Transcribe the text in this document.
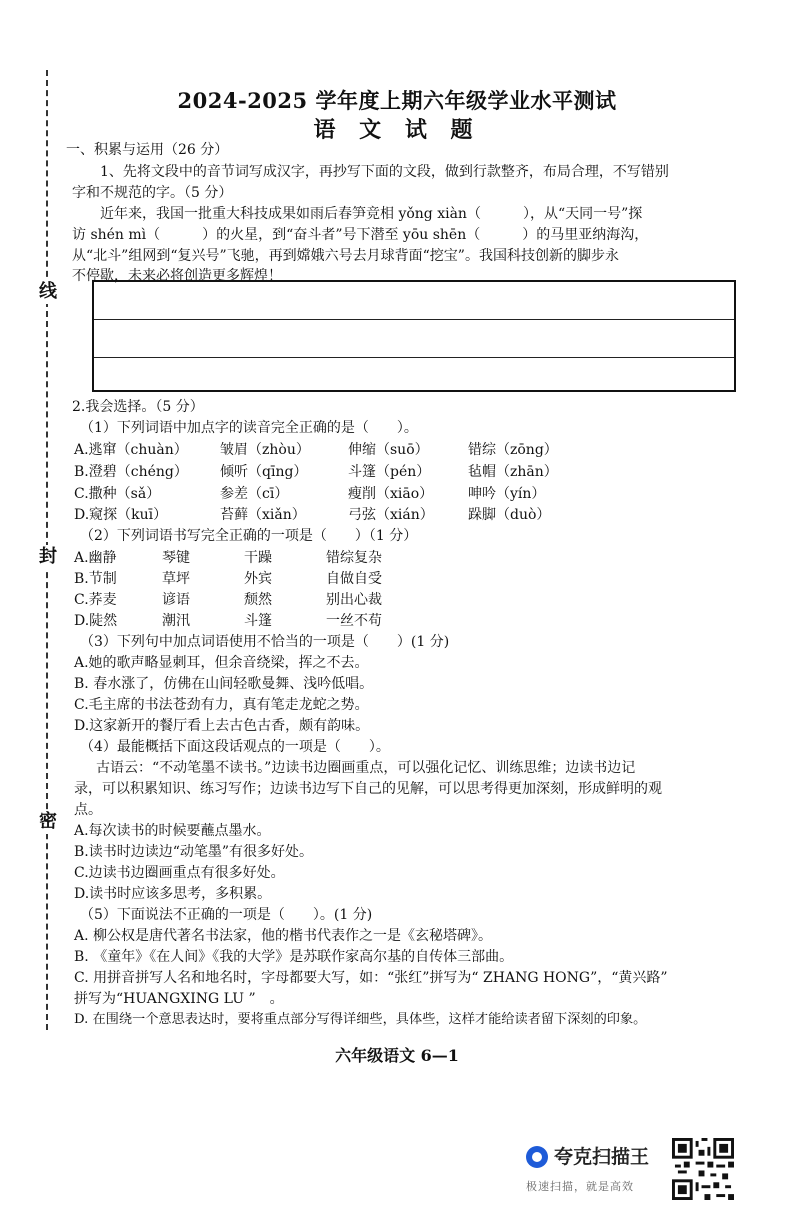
线
封
密
2024-2025 学年度上期六年级学业水平测试
语 文 试 题
一、积累与运用（26 分）
1、先将文段中的音节词写成汉字，再抄写下面的文段，做到行款整齐，布局合理，不写错别
字和不规范的字。（5 分）
近年来，我国一批重大科技成果如雨后春笋竞相 yǒng xiàn（　　　），从“天同一号”探
访 shén mì（　　　）的火星，到“奋斗者”号下潜至 yōu shēn（　　　）的马里亚纳海沟，
从“北斗”组网到“复兴号”飞驰，再到嫦娥六号去月球背面“挖宝”。我国科技创新的脚步永
不停歇，未来必将创造更多辉煌！
2.我会选择。（5 分）
（1）下列词语中加点字的读音完全正确的是（　　）。
A.逃窜（chuàn） 皱眉（zhòu）	伸缩（suō）	错综（zōng）
B.澄碧（chéng） 倾听（qīng）	斗篷（pén）	毡帽（zhān）
C.撒种（sǎ）	参差（cī）	瘦削（xiāo） 呻吟（yín）
D.窥探（kuī）	苔藓（xiǎn）	弓弦（xián） 跺脚（duò）
（2）下列词语书写完全正确的一项是（　　）（1 分）
A.幽静	琴键	干躁	错综复杂
B.节制	草坪	外宾	自做自受
C.荞麦	谚语	颓然	别出心裁
D.陡然	潮汛	斗篷	一丝不苟
（3）下列句中加点词语使用不恰当的一项是（　　）(1 分)
A.她的歌声略显刺耳，但余音绕梁，挥之不去。
B. 春水涨了，仿佛在山间轻歌曼舞、浅吟低唱。
C.毛主席的书法苍劲有力，真有笔走龙蛇之势。
D.这家新开的餐厅看上去古色古香，颇有韵味。
（4）最能概括下面这段话观点的一项是（　　）。
古语云：“不动笔墨不读书。”边读书边圈画重点，可以强化记忆、训练思维；边读书边记
录，可以积累知识、练习写作；边读书边写下自己的见解，可以思考得更加深刻，形成鲜明的观
点。
A.每次读书的时候要蘸点墨水。
B.读书时边读边“动笔墨”有很多好处。
C.边读书边圈画重点有很多好处。
D.读书时应该多思考，多积累。
（5）下面说法不正确的一项是（　　）。(1 分)
A. 柳公权是唐代著名书法家，他的楷书代表作之一是《玄秘塔碑》。
B. 《童年》《在人间》《我的大学》是苏联作家高尔基的自传体三部曲。
C. 用拼音拼写人名和地名时，字母都要大写，如：“张红”拼写为“ ZHANG HONG”，“黄兴路”
拼写为“HUANGXING LU ”　。
D. 在围绕一个意思表达时，要将重点部分写得详细些，具体些，这样才能给读者留下深刻的印象。
六年级语文 6—1
夸克扫描王
极速扫描，就是高效
